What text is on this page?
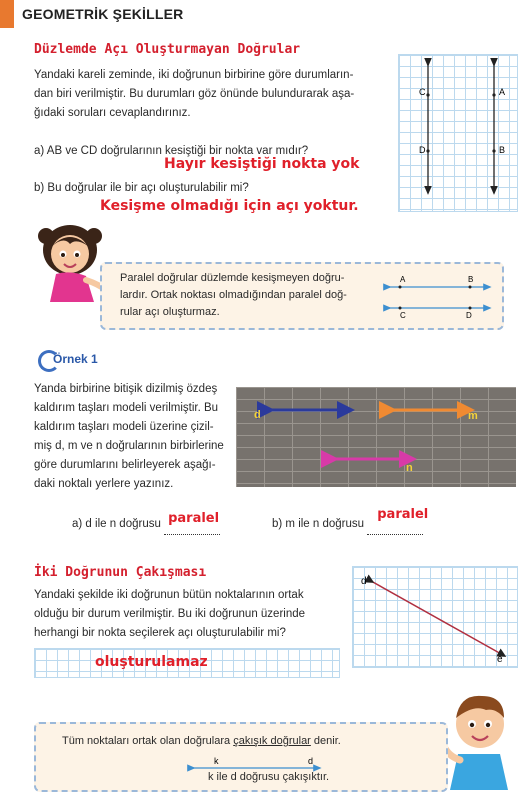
GEOMETRİK ŞEKİLLER
Düzlemde Açı Oluşturmayan Doğrular
Yandaki kareli zeminde, iki doğrunun birbirine göre durumların-
dan biri verilmiştir. Bu durumları göz önünde bulundurarak aşa-
ğıdaki soruları cevaplandırınız.
a) AB ve CD doğrularının kesiştiği bir nokta var mıdır?
Hayır kesiştiği nokta yok
b) Bu doğrular ile bir açı oluşturulabilir mi?
Kesişme olmadığı için açı yoktur.
C
D
A
B
Paralel doğrular düzlemde kesişmeyen doğru-
lardır. Ortak noktası olmadığından paralel doğ-
rular açı oluşturmaz.
A	B
C	D
Örnek 1
Yanda birbirine bitişik dizilmiş özdeş
kaldırım taşları modeli verilmiştir. Bu
kaldırım taşları modeli üzerine çizil-
miş d, m ve n doğrularının birbirlerine
göre durumlarını belirleyerek aşağı-
daki noktalı yerlere yazınız.
d	m
n
a) d ile n doğrusu paralel
	b) m ile n doğrusu
paralel

İki Doğrunun Çakışması
Yandaki şekilde iki doğrunun bütün noktalarının ortak
olduğu bir durum verilmiştir. Bu iki doğrunun üzerinde
herhangi bir nokta seçilerek açı oluşturulabilir mi?
oluşturulamaz
d
e
Tüm noktaları ortak olan doğrulara çakışık doğrular denir.
k	d
k ile d doğrusu çakışıktır.
